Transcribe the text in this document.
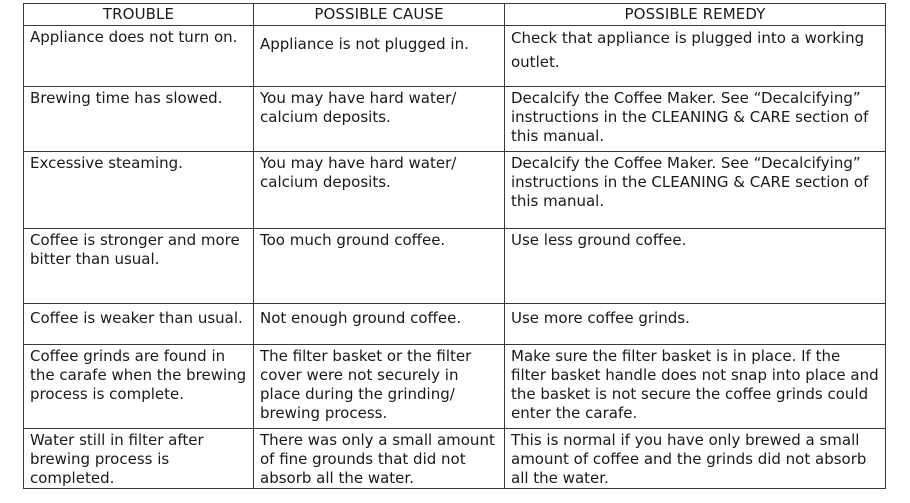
TROUBLE	POSSIBLE CAUSE	POSSIBLE REMEDY
Appliance does not turn on.	Appliance is not plugged in.	Check that appliance is plugged into a working outlet.
Brewing time has slowed.	You may have hard water/ calcium deposits.	Decalcify the Coffee Maker. See “Decalcifying” instructions in the CLEANING & CARE section of this manual.
Excessive steaming.	You may have hard water/ calcium deposits.	Decalcify the Coffee Maker. See “Decalcifying” instructions in the CLEANING & CARE section of this manual.
Coffee is stronger and more bitter than usual.	Too much ground coffee.	Use less ground coffee.
Coffee is weaker than usual.	Not enough ground coffee.	Use more coffee grinds.
Coffee grinds are found in the carafe when the brewing process is complete.	The filter basket or the filter cover were not securely in place during the grinding/ brewing process.	Make sure the filter basket is in place. If the filter basket handle does not snap into place and the basket is not secure the coffee grinds could enter the carafe.
Water still in filter after brewing process is completed.	There was only a small amount of fine grounds that did not absorb all the water.	This is normal if you have only brewed a small amount of coffee and the grinds did not absorb all the water.
